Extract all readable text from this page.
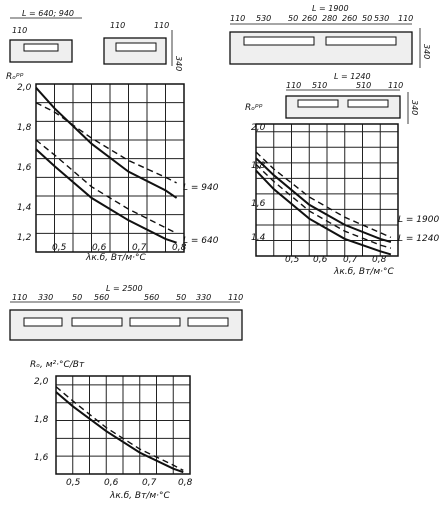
L = 640; 940
110
110	110
340
L = 1900
110 530 50 260 280 260 50 530 110
340
L = 1240
110 510	510 110
340
L = 2500
110 330 50 560	560 50 330 110
Rₒᵖᵖ
λк.б, Вт/м·°С
2,0
1,8
1,6
1,4
1,2
0,5	0,6	0,7	0,8
L = 940
L = 640
Rₒᵖᵖ
λк.б, Вт/м·°С
2,0
1,8
1,6
1,4
0,5 0,6 0,7 0,8
L = 1900
L = 1240
Rₒ, м²·°С/Вт
λк.б, Вт/м·°С
2,0
1,8
1,6
0,5	0,6	0,7 0,8
